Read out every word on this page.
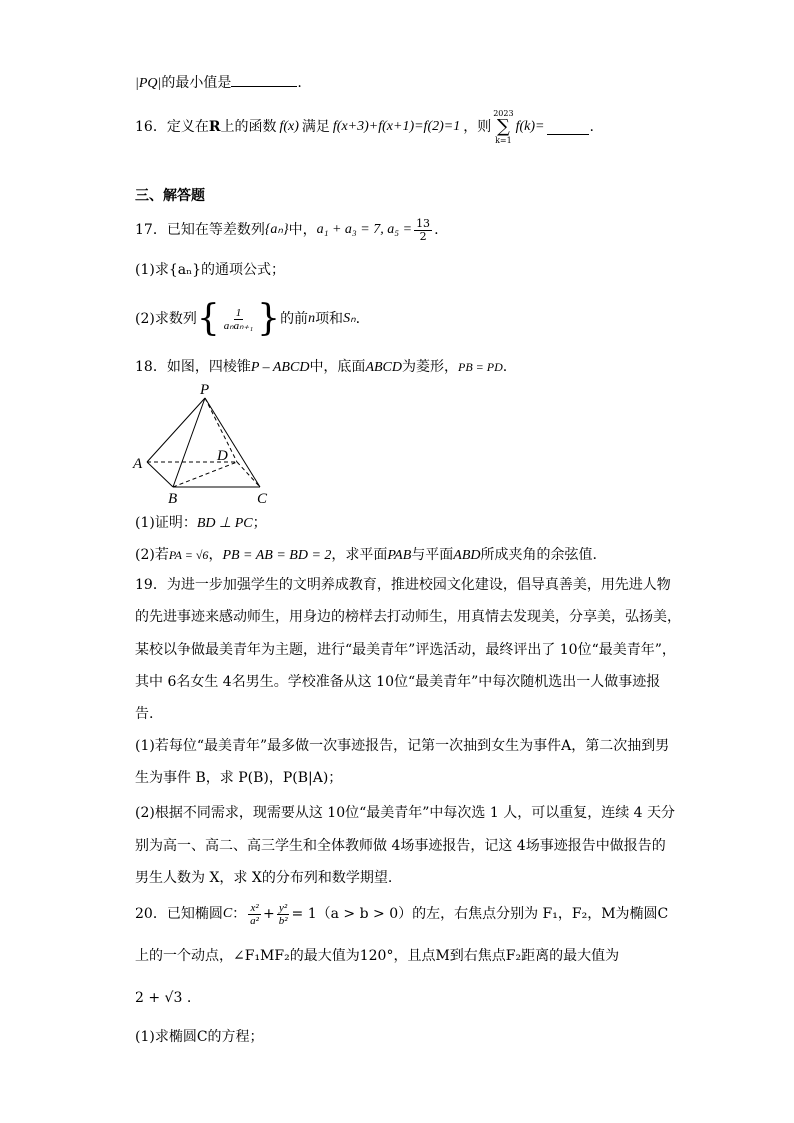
|PQ|的最小值是	.
16．定义在 R 上的函数 f(x) 满足 f(x+3)+f(x+1)=f(2)=1 ，则
2023
∑
k=1
f(k)=	.
三、解答题
17．已知在等差数列 {aₙ} 中， a₁ + a₃ = 7, $a_5 = \frac{13}{2}$ .
(1)求{aₙ}的通项公式；
(2)求数列 { $\frac{1}{\text{aₙaₙ₊₁}}$ } 的前 n 项和 Sₙ .
18．如图，四棱锥P – ABCD中，底面ABCD为菱形，PB = PD.
P
A
B	C
D
(1)证明：BD ⊥ PC；
(2)若PA = √6，PB = AB = BD = 2，求平面PAB与平面ABD所成夹角的余弦值.
19．为进一步加强学生的文明养成教育，推进校园文化建设，倡导真善美，用先进人物
的先进事迹来感动师生，用身边的榜样去打动师生，用真情去发现美，分享美，弘扬美，
某校以争做最美青年为主题，进行“最美青年”评选活动，最终评出了 10位“最美青年”，
其中 6名女生 4名男生。学校准备从这 10位“最美青年”中每次随机选出一人做事迹报
告.
(1)若每位“最美青年”最多做一次事迹报告，记第一次抽到女生为事件A，第二次抽到男
生为事件 B，求 P(B)，P(B|A)；
(2)根据不同需求，现需要从这 10位“最美青年”中每次选 1 人，可以重复，连续 4 天分
别为高一、高二、高三学生和全体教师做 4场事迹报告，记这 4场事迹报告中做报告的
男生人数为 X，求 X的分布列和数学期望.
20．已知椭圆 C ： $\frac{\text{x²}}{\text{a²}} + \frac{\text{y²}}{\text{b²}} = 1(a > b > 0)$的左，右焦点分别为 F₁，F₂，M为椭圆C
上的一个动点，∠F₁MF₂的最大值为120°，且点M到右焦点F₂距离的最大值为
2 + √3 .
(1)求椭圆C的方程；
